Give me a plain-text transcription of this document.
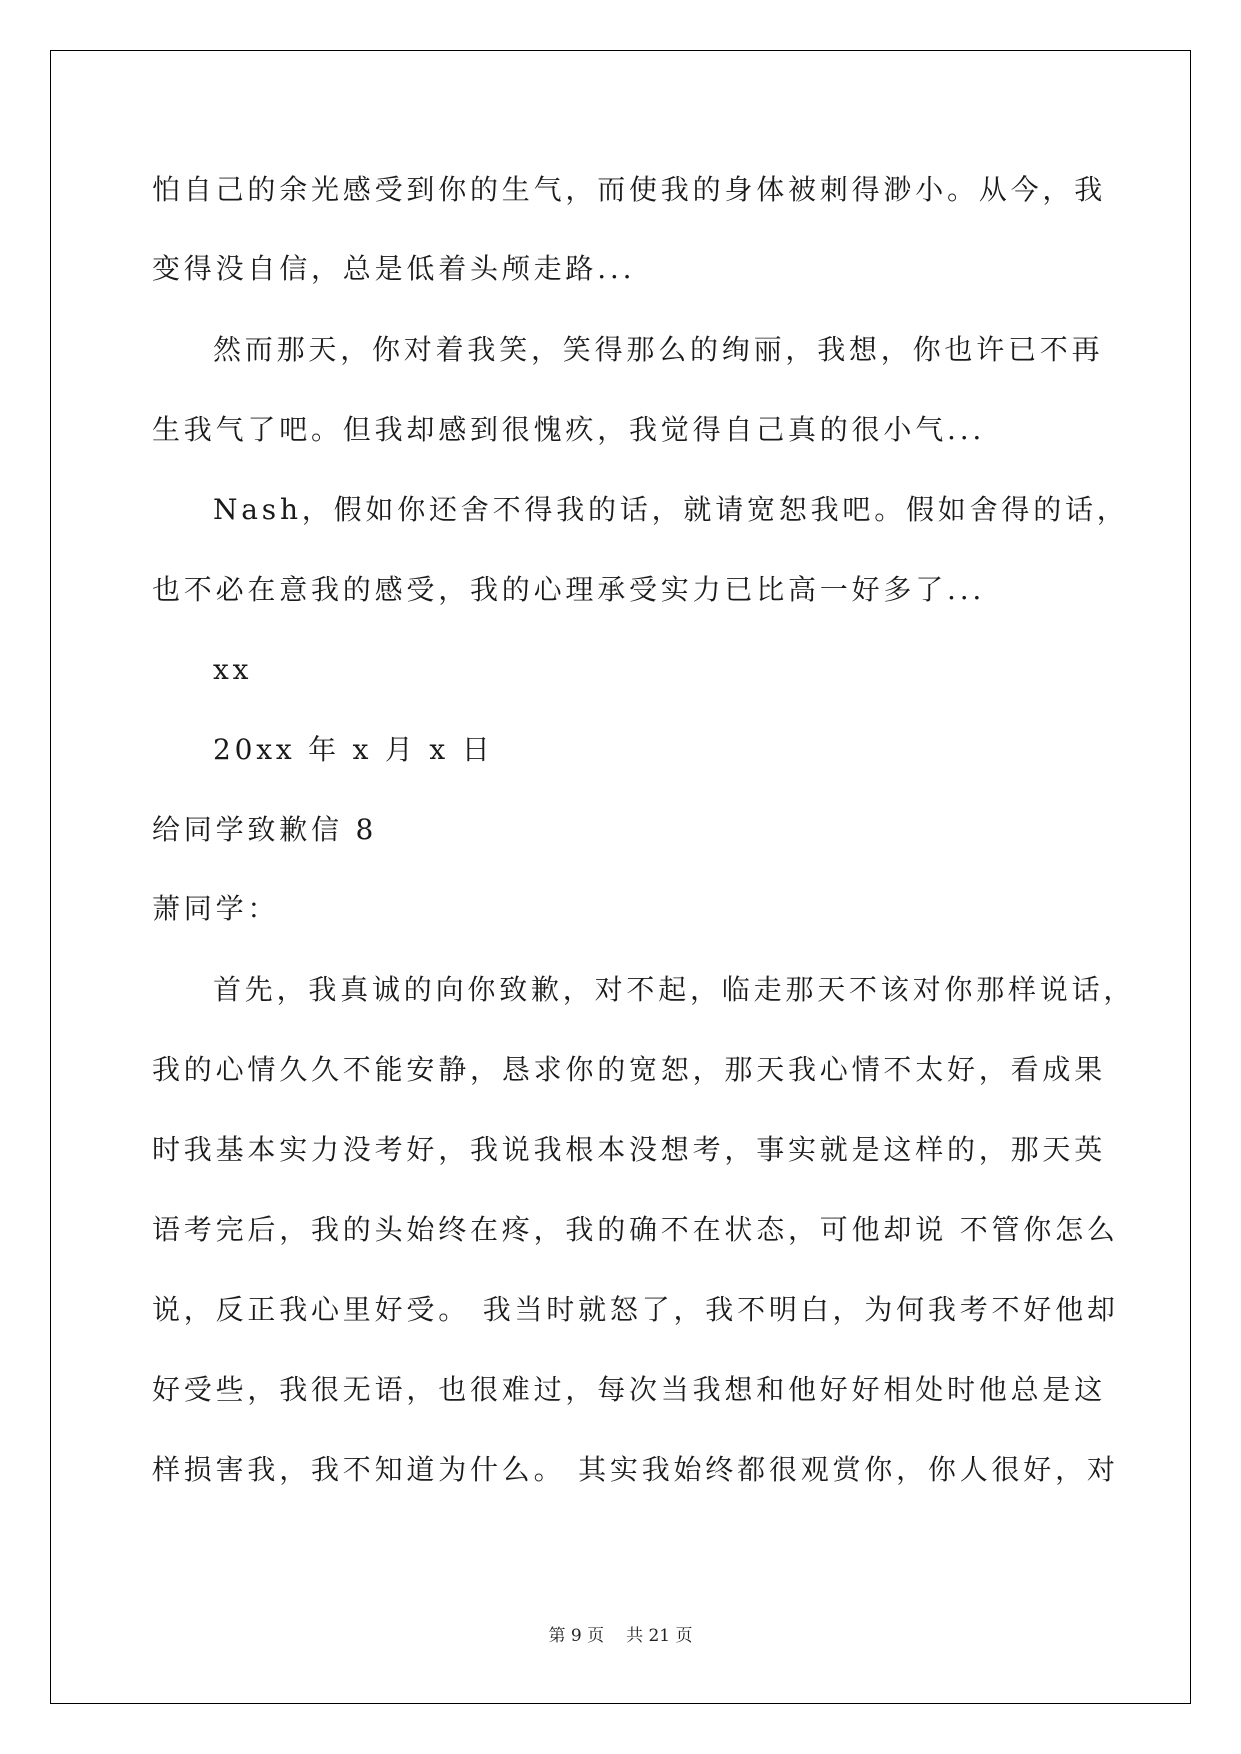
怕自己的余光感受到你的生气，而使我的身体被刺得渺小。从今，我
变得没自信，总是低着头颅走路...
然而那天，你对着我笑，笑得那么的绚丽，我想，你也许已不再
生我气了吧。但我却感到很愧疚，我觉得自己真的很小气...
Nash，假如你还舍不得我的话，就请宽恕我吧。假如舍得的话，
也不必在意我的感受，我的心理承受实力已比高一好多了...
xx
20xx 年 x 月 x 日
给同学致歉信 8
萧同学：
首先，我真诚的向你致歉，对不起，临走那天不该对你那样说话，
我的心情久久不能安静，恳求你的宽恕，那天我心情不太好，看成果
时我基本实力没考好，我说我根本没想考，事实就是这样的，那天英
语考完后，我的头始终在疼，我的确不在状态，可他却说 不管你怎么
说，反正我心里好受。 我当时就怒了，我不明白，为何我考不好他却
好受些，我很无语，也很难过，每次当我想和他好好相处时他总是这
样损害我，我不知道为什么。 其实我始终都很观赏你，你人很好，对
第 9 页 共 21 页
